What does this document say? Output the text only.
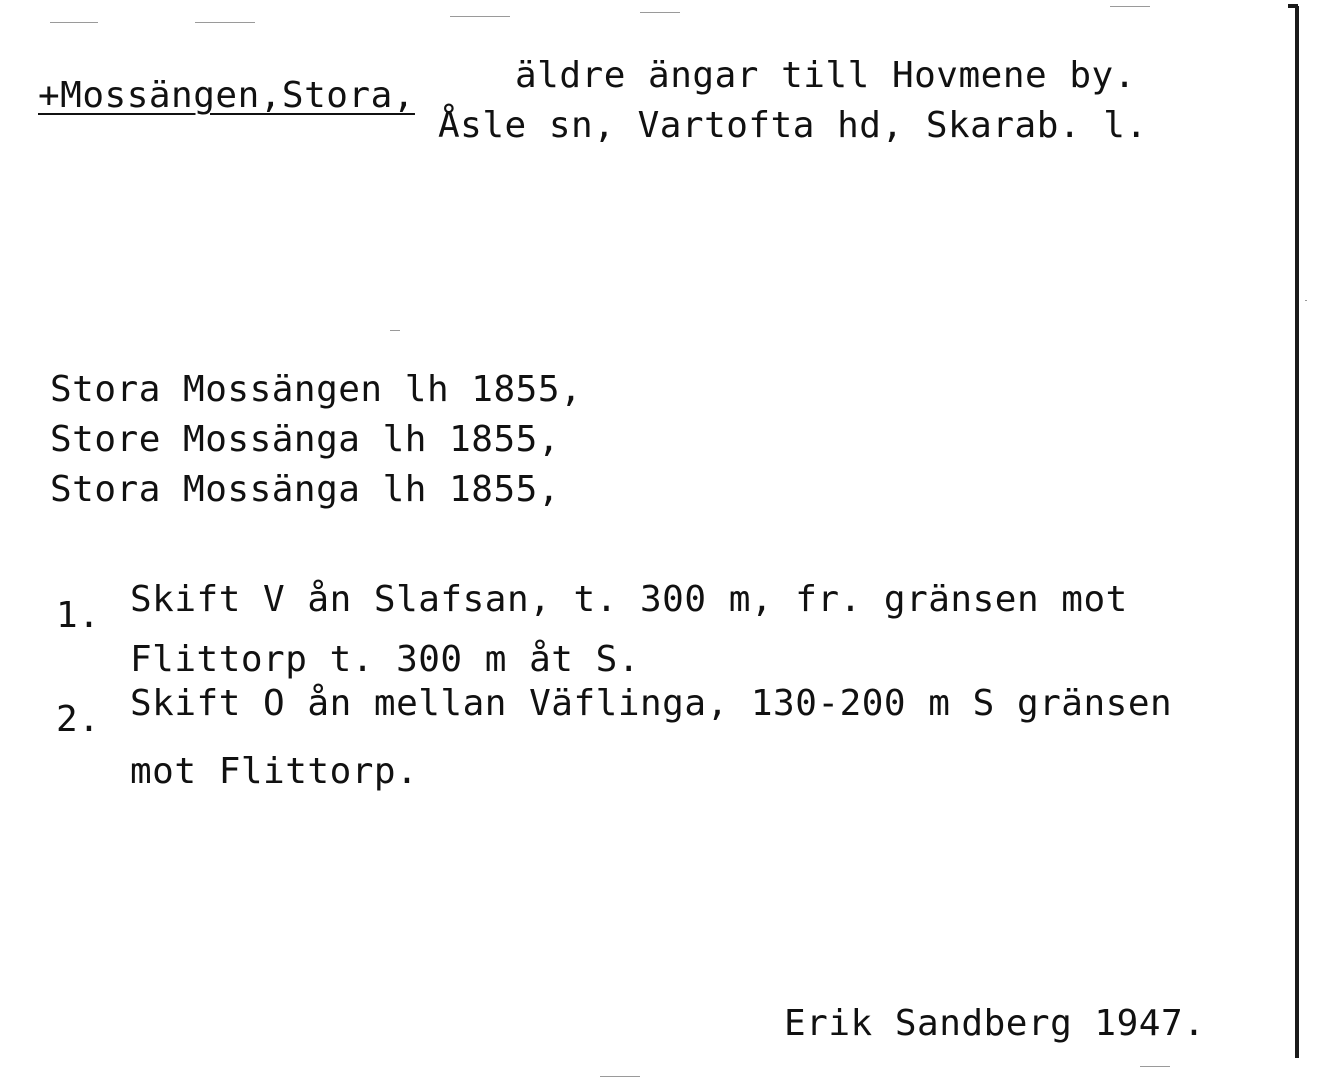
+Mossängen,Stora,	äldre ängar till Hovmene by.
Åsle sn, Vartofta hd, Skarab. l.
Stora Mossängen lh 1855,
Store Mossänga lh 1855,
Stora Mossänga lh 1855,
1. Skift V ån Slafsan, t. 300 m, fr. gränsen mot
Flittorp t. 300 m åt S.
2. Skift O ån mellan Väflinga, 130-200 m S gränsen
mot Flittorp.
Erik Sandberg 1947.
